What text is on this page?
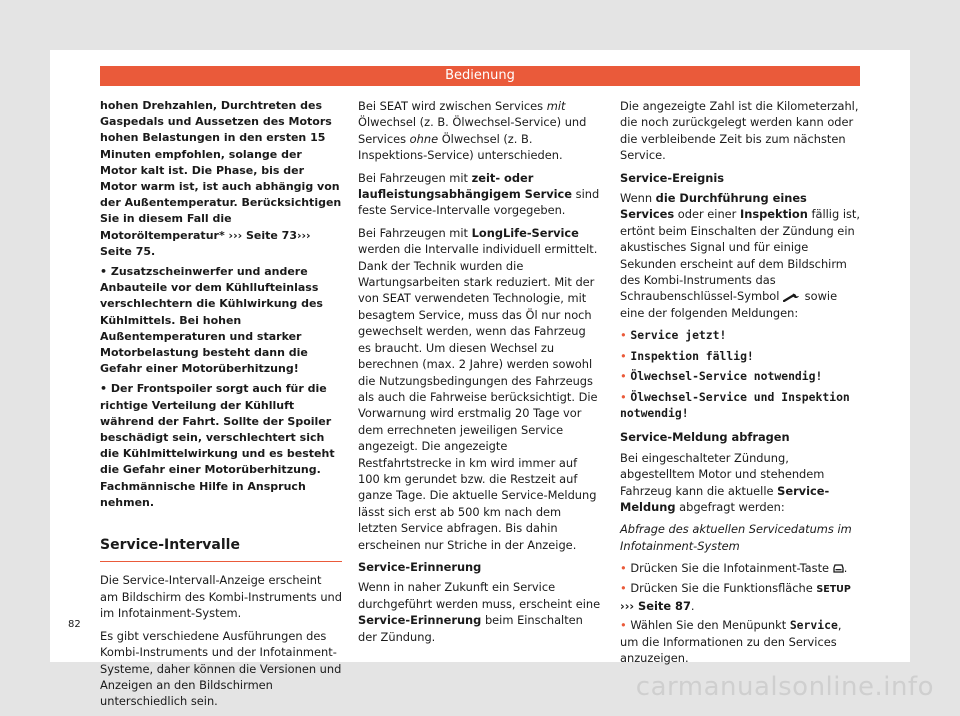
Bedienung

hohen Drehzahlen, Durchtreten des Gaspedals und Aussetzen des Motors hohen Belastungen in den ersten 15 Minuten empfohlen, solange der Motor kalt ist. Die Phase, bis der Motor warm ist, ist auch abhängig von der Außentemperatur. Berücksichtigen Sie in diesem Fall die Motoröltemperatur* ››› Seite 73››› Seite 75.

• Zusatzscheinwerfer und andere Anbauteile vor dem Kühllufteinlass verschlechtern die Kühlwirkung des Kühlmittels. Bei hohen Außentemperaturen und starker Motorbelastung besteht dann die Gefahr einer Motorüberhitzung!

• Der Frontspoiler sorgt auch für die richtige Verteilung der Kühlluft während der Fahrt. Sollte der Spoiler beschädigt sein, verschlechtert sich die Kühlmittelwirkung und es besteht die Gefahr einer Motorüberhitzung. Fachmännische Hilfe in Anspruch nehmen.

Service-Intervalle

Die Service-Intervall-Anzeige erscheint am Bildschirm des Kombi-Instruments und im Infotainment-System.

Es gibt verschiedene Ausführungen des Kombi-Instruments und der Infotainment-Systeme, daher können die Versionen und Anzeigen an den Bildschirmen unterschiedlich sein.

Bei SEAT wird zwischen Services mit Ölwechsel (z. B. Ölwechsel-Service) und Services ohne Ölwechsel (z. B. Inspektions-Service) unterschieden.

Bei Fahrzeugen mit zeit- oder laufleistungsabhängigem Service sind feste Service-Intervalle vorgegeben.

Bei Fahrzeugen mit LongLife-Service werden die Intervalle individuell ermittelt. Dank der Technik wurden die Wartungsarbeiten stark reduziert. Mit der von SEAT verwendeten Technologie, mit besagtem Service, muss das Öl nur noch gewechselt werden, wenn das Fahrzeug es braucht. Um diesen Wechsel zu berechnen (max. 2 Jahre) werden sowohl die Nutzungsbedingungen des Fahrzeugs als auch die Fahrweise berücksichtigt. Die Vorwarnung wird erstmalig 20 Tage vor dem errechneten jeweiligen Service angezeigt. Die angezeigte Restfahrtstrecke in km wird immer auf 100 km gerundet bzw. die Restzeit auf ganze Tage. Die aktuelle Service-Meldung lässt sich erst ab 500 km nach dem letzten Service abfragen. Bis dahin erscheinen nur Striche in der Anzeige.

Service-Erinnerung

Wenn in naher Zukunft ein Service durchgeführt werden muss, erscheint eine Service-Erinnerung beim Einschalten der Zündung.

Die angezeigte Zahl ist die Kilometerzahl, die noch zurückgelegt werden kann oder die verbleibende Zeit bis zum nächsten Service.

Service-Ereignis

Wenn die Durchführung eines Services oder einer Inspektion fällig ist, ertönt beim Einschalten der Zündung ein akustisches Signal und für einige Sekunden erscheint auf dem Bildschirm des Kombi-Instruments das Schraubenschlüssel-Symbol  sowie eine der folgenden Meldungen:

• Service jetzt!

• Inspektion fällig!

• Ölwechsel-Service notwendig!

• Ölwechsel-Service und Inspektion notwendig!

Service-Meldung abfragen

Bei eingeschalteter Zündung, abgestelltem Motor und stehendem Fahrzeug kann die aktuelle Service-Meldung abgefragt werden:

Abfrage des aktuellen Servicedatums im Infotainment-System

• Drücken Sie die Infotainment-Taste .

• Drücken Sie die Funktionsfläche SETUP
››› Seite 87.

• Wählen Sie den Menüpunkt Service, um die Informationen zu den Services anzuzeigen.

82
carmanualsonline.info
